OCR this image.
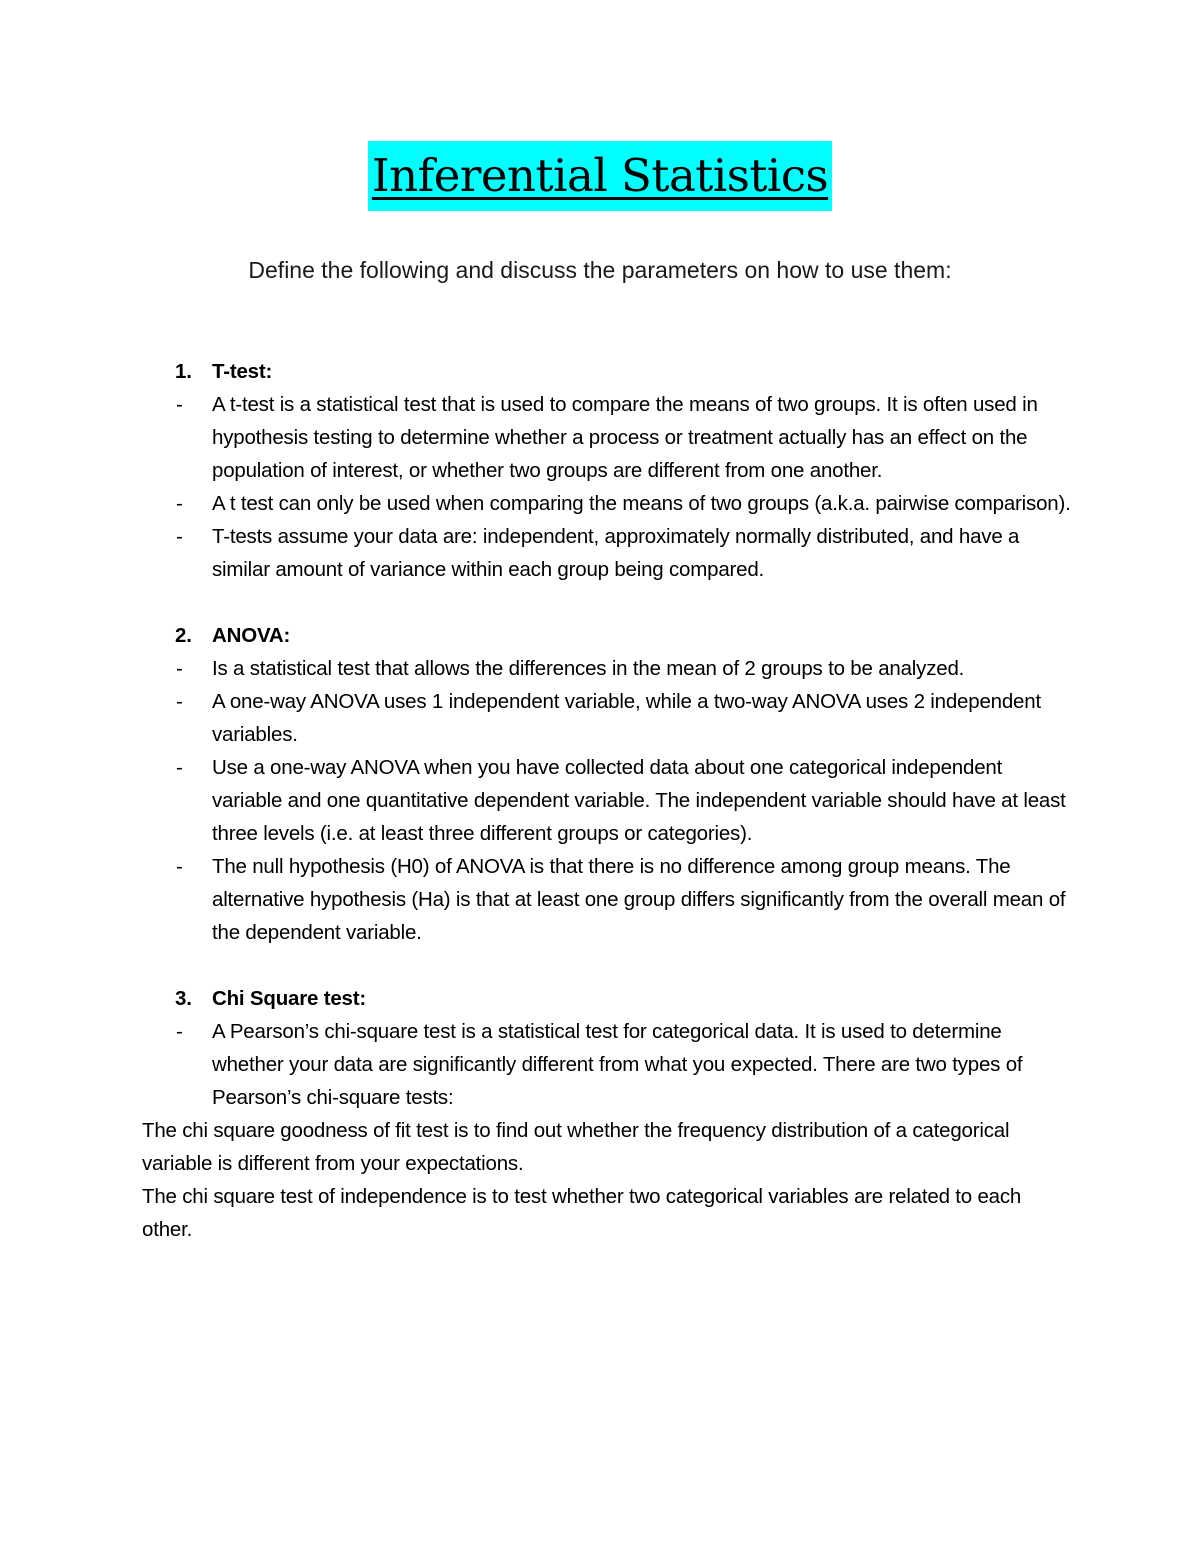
Inferential Statistics
Define the following and discuss the parameters on how to use them:
1. T-test:
- A t-test is a statistical test that is used to compare the means of two groups. It is often used in hypothesis testing to determine whether a process or treatment actually has an effect on the population of interest, or whether two groups are different from one another.
- A t test can only be used when comparing the means of two groups (a.k.a. pairwise comparison).
- T-tests assume your data are: independent, approximately normally distributed, and have a similar amount of variance within each group being compared.
2. ANOVA:
- Is a statistical test that allows the differences in the mean of 2 groups to be analyzed.
- A one-way ANOVA uses 1 independent variable, while a two-way ANOVA uses 2 independent variables.
- Use a one-way ANOVA when you have collected data about one categorical independent variable and one quantitative dependent variable. The independent variable should have at least three levels (i.e. at least three different groups or categories).
- The null hypothesis (H0) of ANOVA is that there is no difference among group means. The alternative hypothesis (Ha) is that at least one group differs significantly from the overall mean of the dependent variable.
3. Chi Square test:
- A Pearson’s chi-square test is a statistical test for categorical data. It is used to determine whether your data are significantly different from what you expected. There are two types of Pearson’s chi-square tests:
The chi square goodness of fit test is to find out whether the frequency distribution of a categorical variable is different from your expectations.
The chi square test of independence is to test whether two categorical variables are related to each other.
